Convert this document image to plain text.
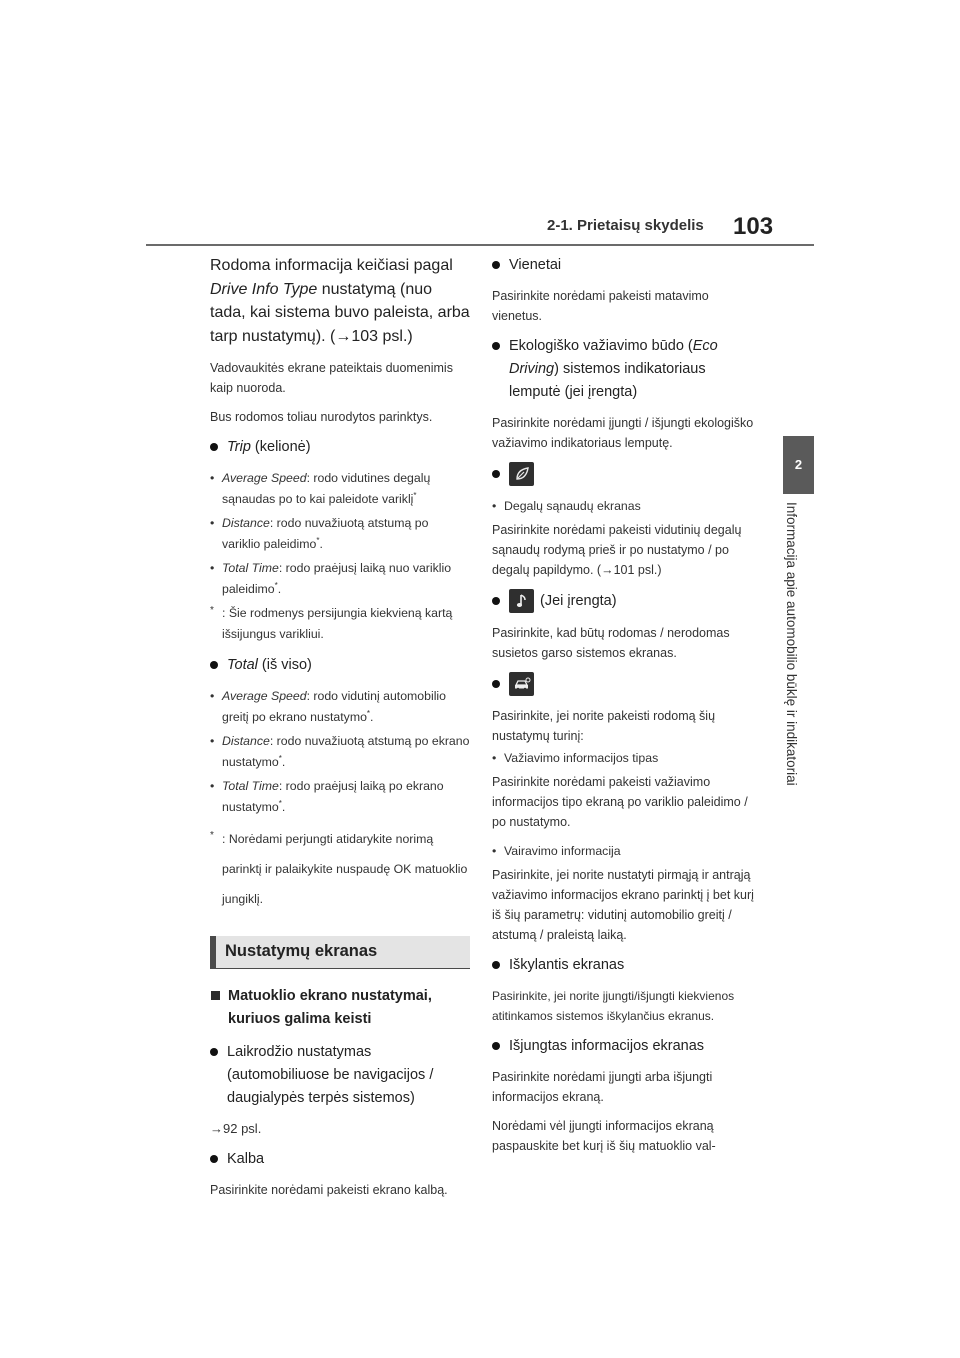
2-1. Prietaisų skydelis 103
2
Informacija apie automobilio būklę ir indikatoriai
Rodoma informacija keičiasi pagal Drive Info Type nustatymą (nuo tada, kai sistema buvo paleista, arba tarp nustatymų). (→103 psl.)
Vadovaukitės ekrane pateiktais duomenimis kaip nuoroda.
Bus rodomos toliau nurodytos parinktys.
Trip (kelionė)
• Average Speed: rodo vidutines degalų sąnaudas po to kai paleidote variklį*
• Distance: rodo nuvažiuotą atstumą po variklio paleidimo*.
• Total Time: rodo praėjusį laiką nuo variklio paleidimo*.
* : Šie rodmenys persijungia kiekvieną kartą išsijungus varikliui.
Total (iš viso)
• Average Speed: rodo vidutinį automobilio greitį po ekrano nustatymo*.
• Distance: rodo nuvažiuotą atstumą po ekrano nustatymo*.
• Total Time: rodo praėjusį laiką po ekrano nustatymo*.
* : Norėdami perjungti atidarykite norimą parinktį ir palaikykite nuspaudę OK matuoklio jungiklį.
Nustatymų ekranas
Matuoklio ekrano nustatymai, kuriuos galima keisti
Laikrodžio nustatymas (automobiliuose be navigacijos / daugialypės terpės sistemos)
→92 psl.
Kalba
Pasirinkite norėdami pakeisti ekrano kalbą.
Vienetai
Pasirinkite norėdami pakeisti matavimo vienetus.
Ekologiško važiavimo būdo (Eco Driving) sistemos indikatoriaus lemputė (jei įrengta)
Pasirinkite norėdami įjungti / išjungti ekologiško važiavimo indikatoriaus lemputę.
• Degalų sąnaudų ekranas
Pasirinkite norėdami pakeisti vidutinių degalų sąnaudų rodymą prieš ir po nustatymo / po degalų papildymo. (→101 psl.)
(Jei įrengta)
Pasirinkite, kad būtų rodomas / nerodomas susietos garso sistemos ekranas.
Pasirinkite, jei norite pakeisti rodomą šių nustatymų turinį:
• Važiavimo informacijos tipas
Pasirinkite norėdami pakeisti važiavimo informacijos tipo ekraną po variklio paleidimo / po nustatymo.
• Vairavimo informacija
Pasirinkite, jei norite nustatyti pirmąją ir antrąją važiavimo informacijos ekrano parinktį į bet kurį iš šių parametrų: vidutinį automobilio greitį / atstumą / praleistą laiką.
Iškylantis ekranas
Pasirinkite, jei norite įjungti/išjungti kiekvienos atitinkamos sistemos iškylančius ekranus.
Išjungtas informacijos ekranas
Pasirinkite norėdami įjungti arba išjungti informacijos ekraną.
Norėdami vėl įjungti informacijos ekraną paspauskite bet kurį iš šių matuoklio val-
